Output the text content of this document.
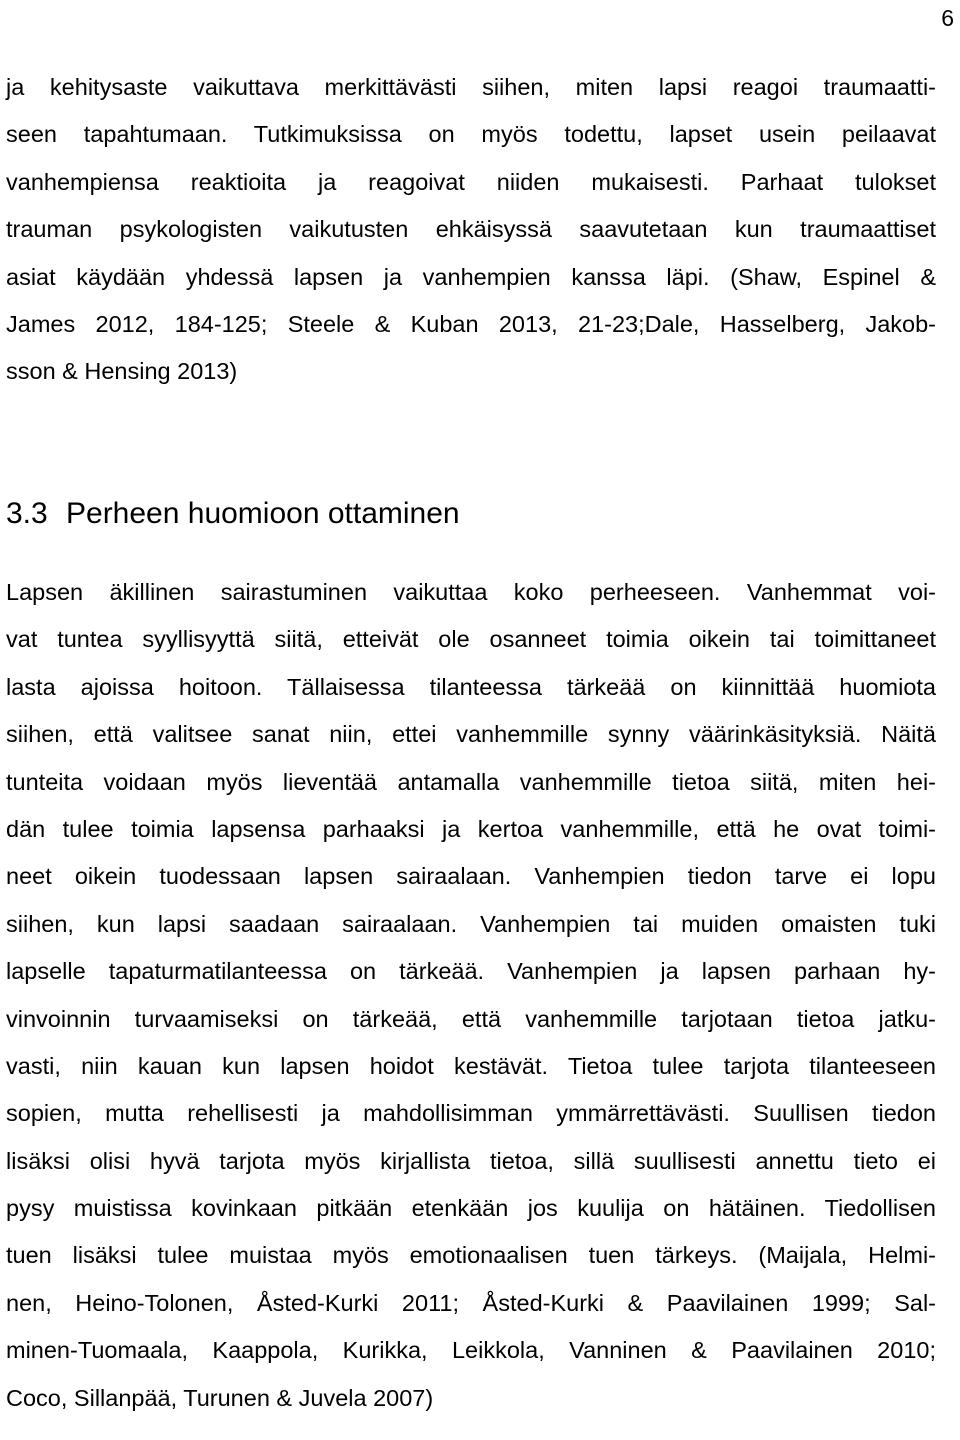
6
ja kehitysaste vaikuttava merkittävästi siihen, miten lapsi reagoi traumaatti-
seen tapahtumaan. Tutkimuksissa on myös todettu, lapset usein peilaavat
vanhempiensa reaktioita ja reagoivat niiden mukaisesti. Parhaat tulokset
trauman psykologisten vaikutusten ehkäisyssä saavutetaan kun traumaattiset
asiat käydään yhdessä lapsen ja vanhempien kanssa läpi. (Shaw, Espinel &
James 2012, 184-125; Steele & Kuban 2013, 21-23;Dale, Hasselberg, Jakob-
sson & Hensing 2013)
3.3 Perheen huomioon ottaminen
Lapsen äkillinen sairastuminen vaikuttaa koko perheeseen. Vanhemmat voi-
vat tuntea syyllisyyttä siitä, etteivät ole osanneet toimia oikein tai toimittaneet
lasta ajoissa hoitoon. Tällaisessa tilanteessa tärkeää on kiinnittää huomiota
siihen, että valitsee sanat niin, ettei vanhemmille synny väärinkäsityksiä. Näitä
tunteita voidaan myös lieventää antamalla vanhemmille tietoa siitä, miten hei-
dän tulee toimia lapsensa parhaaksi ja kertoa vanhemmille, että he ovat toimi-
neet oikein tuodessaan lapsen sairaalaan. Vanhempien tiedon tarve ei lopu
siihen, kun lapsi saadaan sairaalaan. Vanhempien tai muiden omaisten tuki
lapselle tapaturmatilanteessa on tärkeää. Vanhempien ja lapsen parhaan hy-
vinvoinnin turvaamiseksi on tärkeää, että vanhemmille tarjotaan tietoa jatku-
vasti, niin kauan kun lapsen hoidot kestävät. Tietoa tulee tarjota tilanteeseen
sopien, mutta rehellisesti ja mahdollisimman ymmärrettävästi. Suullisen tiedon
lisäksi olisi hyvä tarjota myös kirjallista tietoa, sillä suullisesti annettu tieto ei
pysy muistissa kovinkaan pitkään etenkään jos kuulija on hätäinen. Tiedollisen
tuen lisäksi tulee muistaa myös emotionaalisen tuen tärkeys. (Maijala, Helmi-
nen, Heino-Tolonen, Åsted-Kurki 2011; Åsted-Kurki & Paavilainen 1999; Sal-
minen-Tuomaala, Kaappola, Kurikka, Leikkola, Vanninen & Paavilainen 2010;
Coco, Sillanpää, Turunen & Juvela 2007)
